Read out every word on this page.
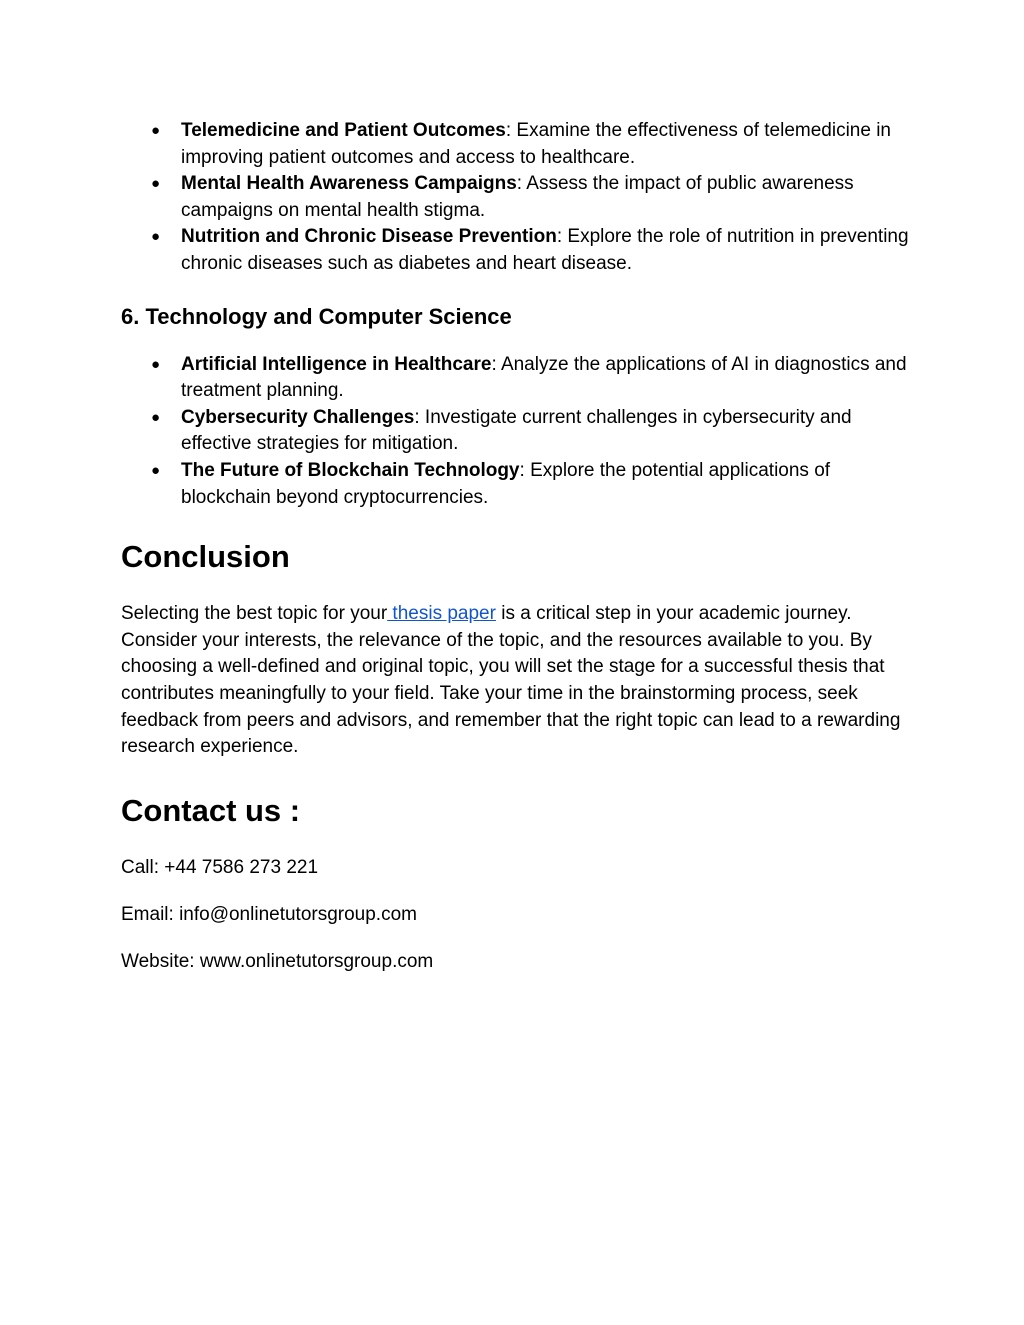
● Telemedicine and Patient Outcomes: Examine the effectiveness of telemedicine in improving patient outcomes and access to healthcare.
● Mental Health Awareness Campaigns: Assess the impact of public awareness campaigns on mental health stigma.
● Nutrition and Chronic Disease Prevention: Explore the role of nutrition in preventing chronic diseases such as diabetes and heart disease.
6. Technology and Computer Science
● Artificial Intelligence in Healthcare: Analyze the applications of AI in diagnostics and treatment planning.
● Cybersecurity Challenges: Investigate current challenges in cybersecurity and effective strategies for mitigation.
● The Future of Blockchain Technology: Explore the potential applications of blockchain beyond cryptocurrencies.
Conclusion

Selecting the best topic for your thesis paper is a critical step in your academic journey. Consider your interests, the relevance of the topic, and the resources available to you. By choosing a well-defined and original topic, you will set the stage for a successful thesis that contributes meaningfully to your field. Take your time in the brainstorming process, seek feedback from peers and advisors, and remember that the right topic can lead to a rewarding research experience.

Contact us :

Call: +44 7586 273 221

Email: info@onlinetutorsgroup.com

Website: www.onlinetutorsgroup.com
